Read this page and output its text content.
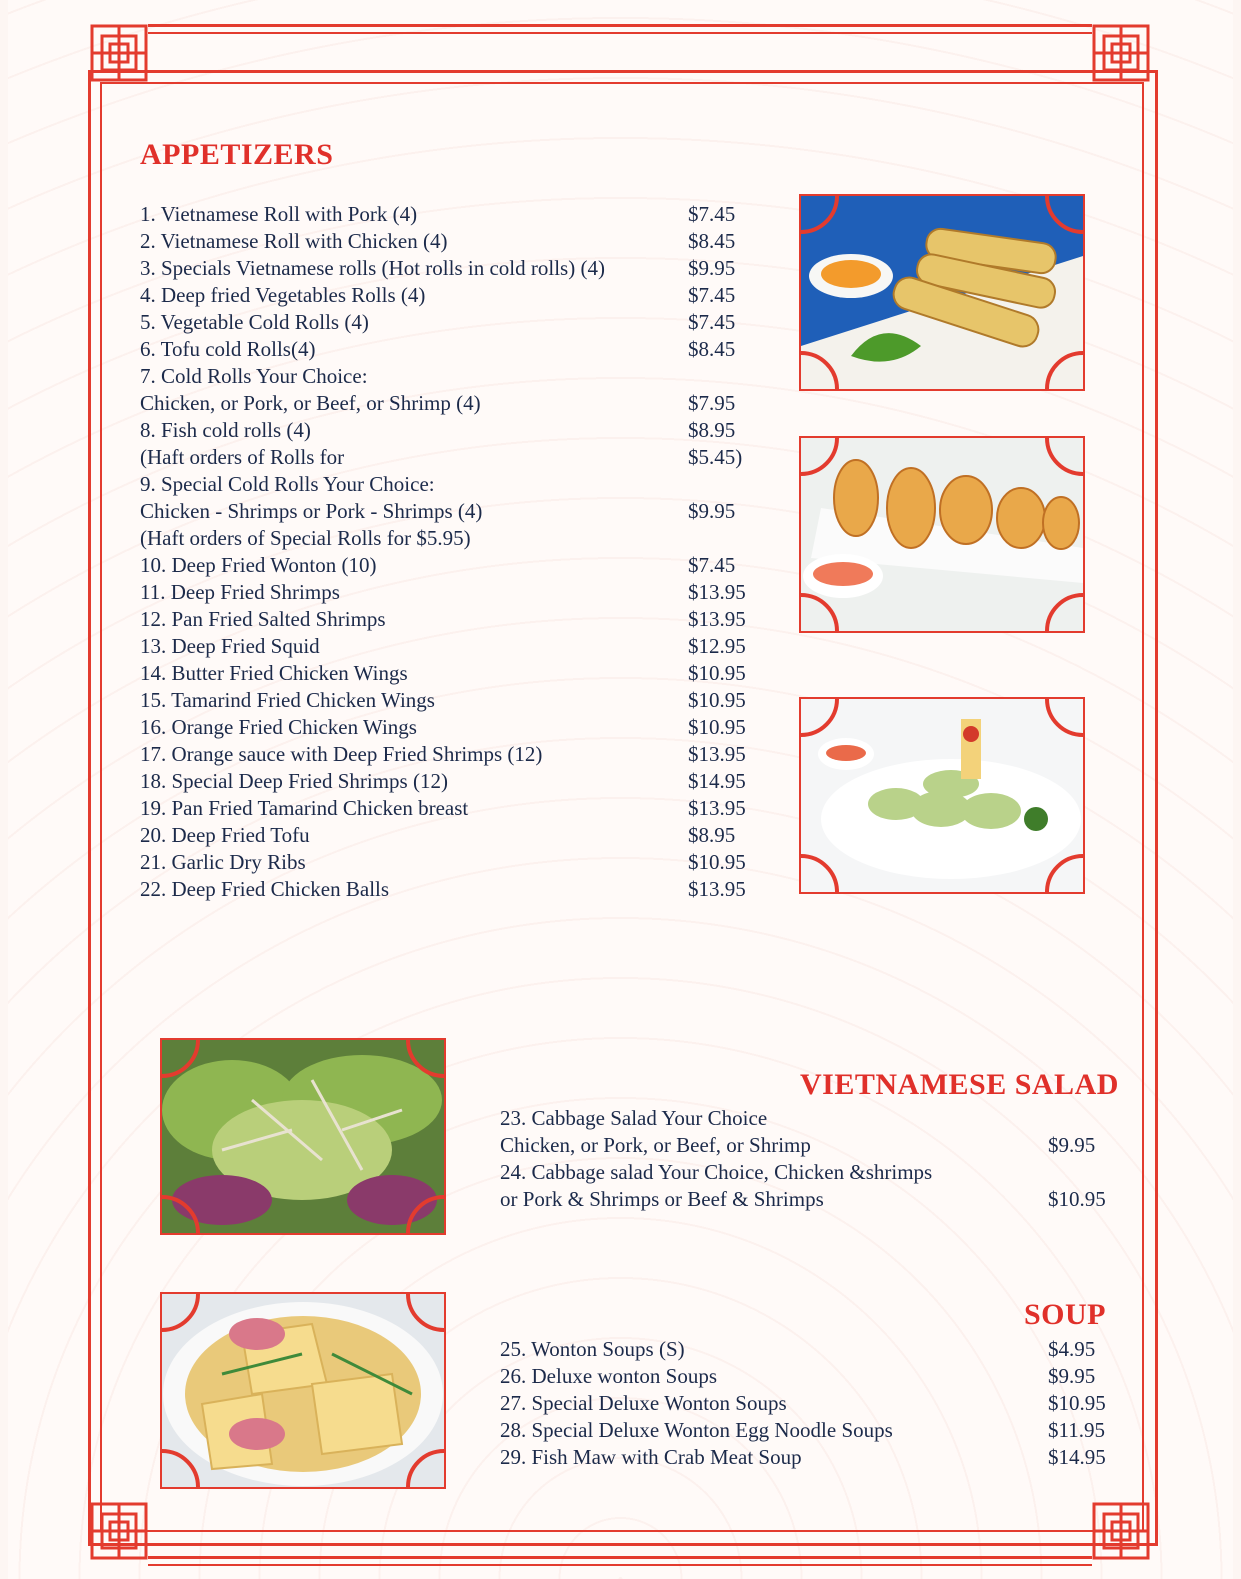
APPETIZERS
1. Vietnamese Roll with Pork (4)	$7.45
2. Vietnamese Roll with Chicken (4)	$8.45
3. Specials Vietnamese rolls (Hot rolls in cold rolls) (4)	$9.95
4. Deep fried Vegetables Rolls (4)	$7.45
5. Vegetable Cold Rolls (4)	$7.45
6. Tofu cold Rolls(4)	$8.45
7. Cold Rolls Your Choice:
Chicken, or Pork, or Beef, or Shrimp (4)	$7.95
8. Fish cold rolls (4)	$8.95
(Haft orders of Rolls for	$5.45)
9. Special Cold Rolls Your Choice:
Chicken - Shrimps or Pork - Shrimps (4)	$9.95
(Haft orders of Special Rolls for $5.95)
10. Deep Fried Wonton (10)	$7.45
11. Deep Fried Shrimps	$13.95
12. Pan Fried Salted Shrimps	$13.95
13. Deep Fried Squid	$12.95
14. Butter Fried Chicken Wings	$10.95
15. Tamarind Fried Chicken Wings	$10.95
16. Orange Fried Chicken Wings	$10.95
17. Orange sauce with Deep Fried Shrimps (12)	$13.95
18. Special Deep Fried Shrimps (12)	$14.95
19. Pan Fried Tamarind Chicken breast	$13.95
20. Deep Fried Tofu	$8.95
21. Garlic Dry Ribs	$10.95
22. Deep Fried Chicken Balls	$13.95
VIETNAMESE SALAD
23. Cabbage Salad Your Choice
Chicken, or Pork, or Beef, or Shrimp	$9.95
24. Cabbage salad Your Choice, Chicken &shrimps
or Pork & Shrimps or Beef & Shrimps	$10.95
SOUP
25. Wonton Soups (S)	$4.95
26. Deluxe wonton Soups	$9.95
27. Special Deluxe Wonton Soups	$10.95
28. Special Deluxe Wonton Egg Noodle Soups	$11.95
29. Fish Maw with Crab Meat Soup	$14.95
